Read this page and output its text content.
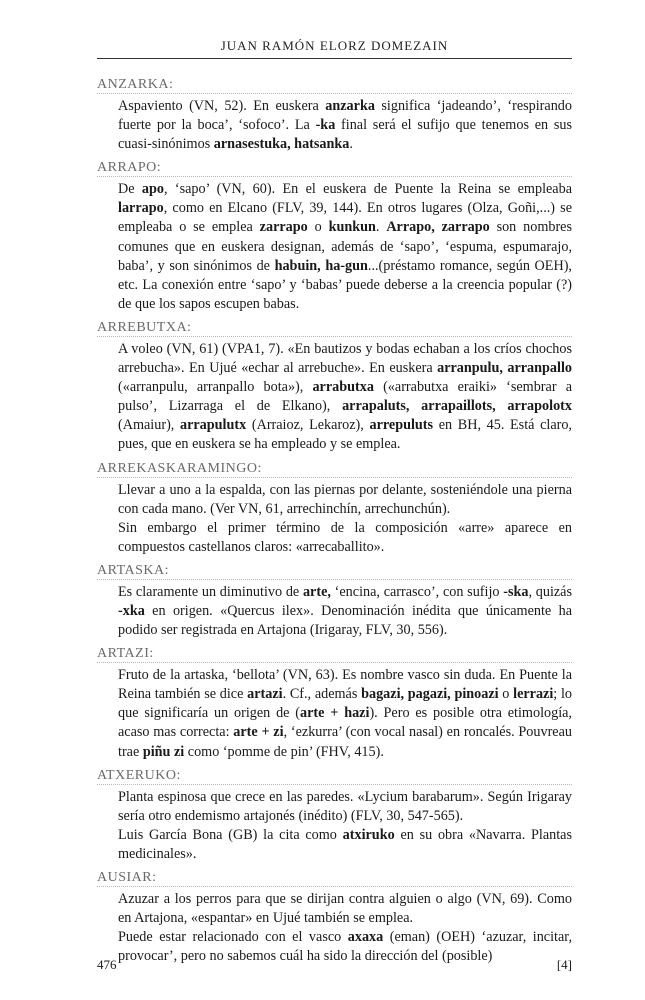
JUAN RAMÓN ELORZ DOMEZAIN
ANZARKA:

Aspaviento (VN, 52). En euskera anzarka significa ‘jadeando’, ‘respirando fuerte por la boca’, ‘sofoco’. La -ka final será el sufijo que tenemos en sus cuasi-sinónimos arnasestuka, hatsanka.

ARRAPO:

De apo, ‘sapo’ (VN, 60). En el euskera de Puente la Reina se empleaba larrapo, como en Elcano (FLV, 39, 144). En otros lugares (Olza, Goñi,...) se empleaba o se emplea zarrapo o kunkun. Arrapo, zarrapo son nombres comunes que en euskera designan, además de ‘sapo’, ‘espuma, espumarajo, baba’, y son sinónimos de habuin, ha-gun...(préstamo romance, según OEH), etc. La conexión entre ‘sapo’ y ‘babas’ puede deberse a la creencia popular (?) de que los sapos escupen babas.

ARREBUTXA:

A voleo (VN, 61) (VPA1, 7). «En bautizos y bodas echaban a los críos chochos arrebucha». En Ujué «echar al arrebuche». En euskera arranpulu, arranpallo («arranpulu, arranpallo bota»), arrabutxa («arrabutxa eraiki» ‘sembrar a pulso’, Lizarraga el de Elkano), arrapaluts, arrapaillots, arrapolotx (Amaiur), arrapulutx (Arraioz, Lekaroz), arrepuluts en BH, 45. Está claro, pues, que en euskera se ha empleado y se emplea.

ARREKASKARAMINGO:

Llevar a uno a la espalda, con las piernas por delante, sosteniéndole una pierna con cada mano. (Ver VN, 61, arrechinchín, arrechunchún).

Sin embargo el primer término de la composición «arre» aparece en compuestos castellanos claros: «arrecaballito».

ARTASKA:

Es claramente un diminutivo de arte, ‘encina, carrasco’, con sufijo -ska, quizás -xka en origen. «Quercus ilex». Denominación inédita que únicamente ha podido ser registrada en Artajona (Irigaray, FLV, 30, 556).

ARTAZI:

Fruto de la artaska, ‘bellota’ (VN, 63). Es nombre vasco sin duda. En Puente la Reina también se dice artazi. Cf., además bagazi, pagazi, pinoazi o lerrazi; lo que significaría un origen de (arte + hazi). Pero es posible otra etimología, acaso mas correcta: arte + zi, ‘ezkurra’ (con vocal nasal) en roncalés. Pouvreau trae piñu zi como ‘pomme de pin’ (FHV, 415).

ATXERUKO:

Planta espinosa que crece en las paredes. «Lycium barabarum». Según Irigaray sería otro endemismo artajonés (inédito) (FLV, 30, 547-565).

Luis García Bona (GB) la cita como atxiruko en su obra «Navarra. Plantas medicinales».

AUSIAR:

Azuzar a los perros para que se dirijan contra alguien o algo (VN, 69). Como en Artajona, «espantar» en Ujué también se emplea.

Puede estar relacionado con el vasco axaxa (eman) (OEH) ‘azuzar, incitar, provocar’, pero no sabemos cuál ha sido la dirección del (posible)

476	[4]
